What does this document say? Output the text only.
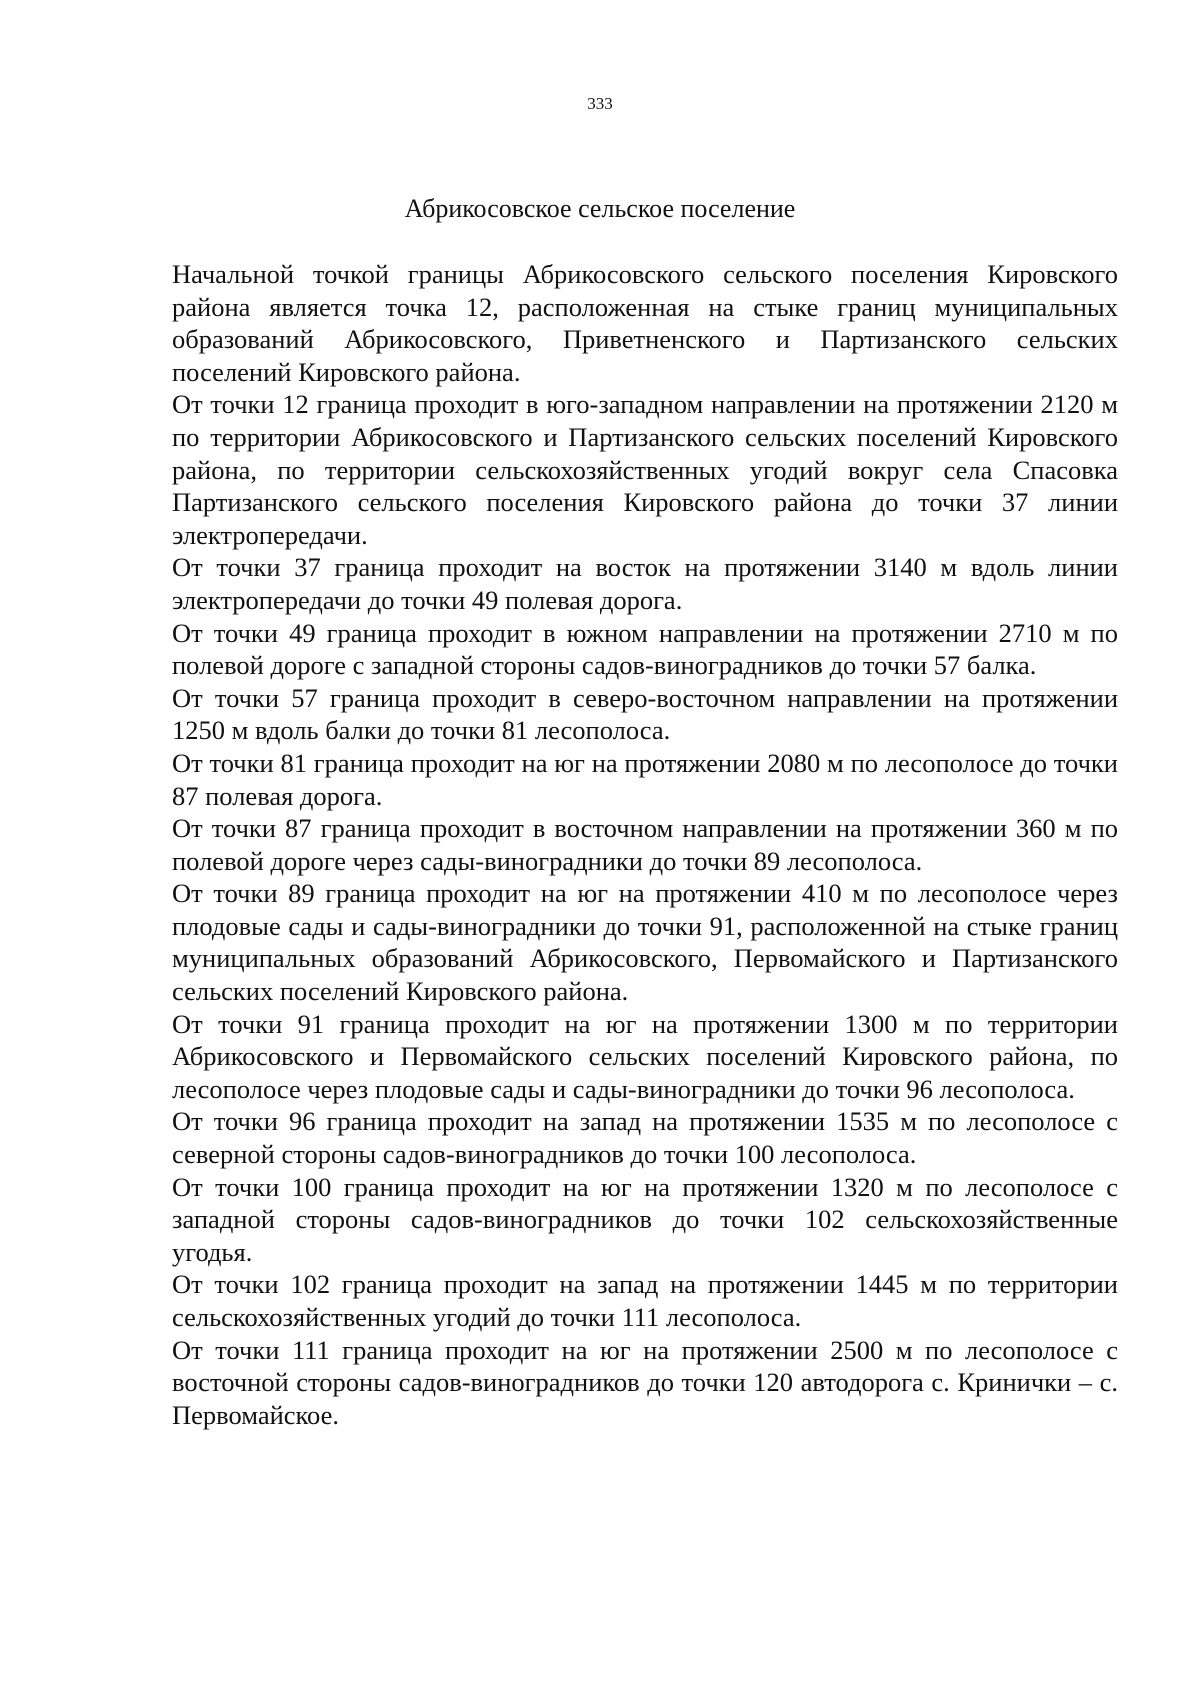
333
Абрикосовское сельское поселение

Начальной точкой границы Абрикосовского сельского поселения Кировского района является точка 12, расположенная на стыке границ муниципальных образований Абрикосовского, Приветненского и Партизанского сельских поселений Кировского района.

От точки 12 граница проходит в юго-западном направлении на протяжении 2120 м по территории Абрикосовского и Партизанского сельских поселений Кировского района, по территории сельскохозяйственных угодий вокруг села Спасовка Партизанского сельского поселения Кировского района до точки 37 линии электропередачи.

От точки 37 граница проходит на восток на протяжении 3140 м вдоль линии электропередачи до точки 49 полевая дорога.

От точки 49 граница проходит в южном направлении на протяжении 2710 м по полевой дороге с западной стороны садов-виноградников до точки 57 балка.

От точки 57 граница проходит в северо-восточном направлении на протяжении 1250 м вдоль балки до точки 81 лесополоса.

От точки 81 граница проходит на юг на протяжении 2080 м по лесополосе до точки 87 полевая дорога.

От точки 87 граница проходит в восточном направлении на протяжении 360 м по полевой дороге через сады-виноградники до точки 89 лесополоса.

От точки 89 граница проходит на юг на протяжении 410 м по лесополосе через плодовые сады и сады-виноградники до точки 91, расположенной на стыке границ муниципальных образований Абрикосовского, Первомайского и Партизанского сельских поселений Кировского района.

От точки 91 граница проходит на юг на протяжении 1300 м по территории Абрикосовского и Первомайского сельских поселений Кировского района, по лесополосе через плодовые сады и сады-виноградники до точки 96 лесополоса.

От точки 96 граница проходит на запад на протяжении 1535 м по лесополосе с северной стороны садов-виноградников до точки 100 лесополоса.

От точки 100 граница проходит на юг на протяжении 1320 м по лесополосе с западной стороны садов-виноградников до точки 102 сельскохозяйственные угодья.

От точки 102 граница проходит на запад на протяжении 1445 м по территории сельскохозяйственных угодий до точки 111 лесополоса.

От точки 111 граница проходит на юг на протяжении 2500 м по лесополосе с восточной стороны садов-виноградников до точки 120 автодорога с. Кринички – с. Первомайское.
